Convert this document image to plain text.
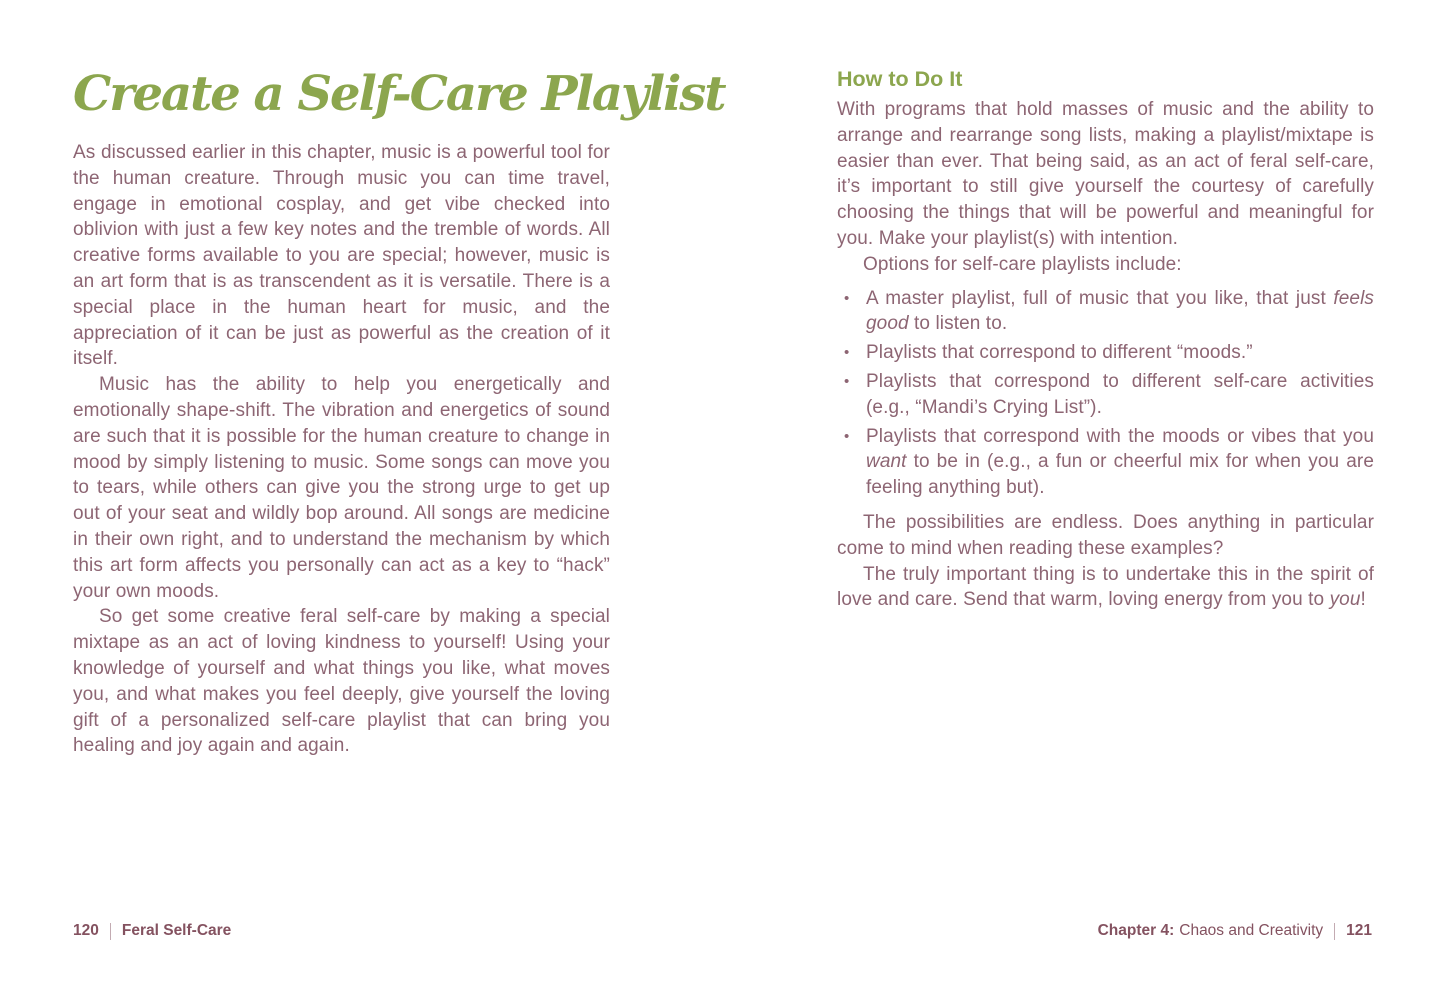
Create a Self-Care Playlist

As discussed earlier in this chapter, music is a powerful tool for the human creature. Through music you can time travel, engage in emotional cosplay, and get vibe checked into oblivion with just a few key notes and the tremble of words. All creative forms available to you are special; however, music is an art form that is as transcendent as it is versatile. There is a special place in the human heart for music, and the appreciation of it can be just as powerful as the creation of it itself.

Music has the ability to help you energetically and emotionally shape-shift. The vibration and energetics of sound are such that it is possible for the human creature to change in mood by simply listening to music. Some songs can move you to tears, while others can give you the strong urge to get up out of your seat and wildly bop around. All songs are medicine in their own right, and to understand the mechanism by which this art form affects you personally can act as a key to “hack” your own moods.

So get some creative feral self-care by making a special mixtape as an act of loving kindness to yourself! Using your knowledge of yourself and what things you like, what moves you, and what makes you feel deeply, give yourself the loving gift of a personalized self-care playlist that can bring you healing and joy again and again.

How to Do It

With programs that hold masses of music and the ability to arrange and rearrange song lists, making a playlist/mixtape is easier than ever. That being said, as an act of feral self-care, it’s important to still give yourself the courtesy of carefully choosing the things that will be powerful and meaningful for you. Make your playlist(s) with intention.

Options for self-care playlists include:

• A master playlist, full of music that you like, that just feels good to listen to.
• Playlists that correspond to different “moods.”
• Playlists that correspond to different self-care activities (e.g., “Mandi’s Crying List”).
• Playlists that correspond with the moods or vibes that you want to be in (e.g., a fun or cheerful mix for when you are feeling anything but).

The possibilities are endless. Does anything in particular come to mind when reading these examples?

The truly important thing is to undertake this in the spirit of love and care. Send that warm, loving energy from you to you!

120 Feral Self-Care	Chapter 4: Chaos and Creativity 121
